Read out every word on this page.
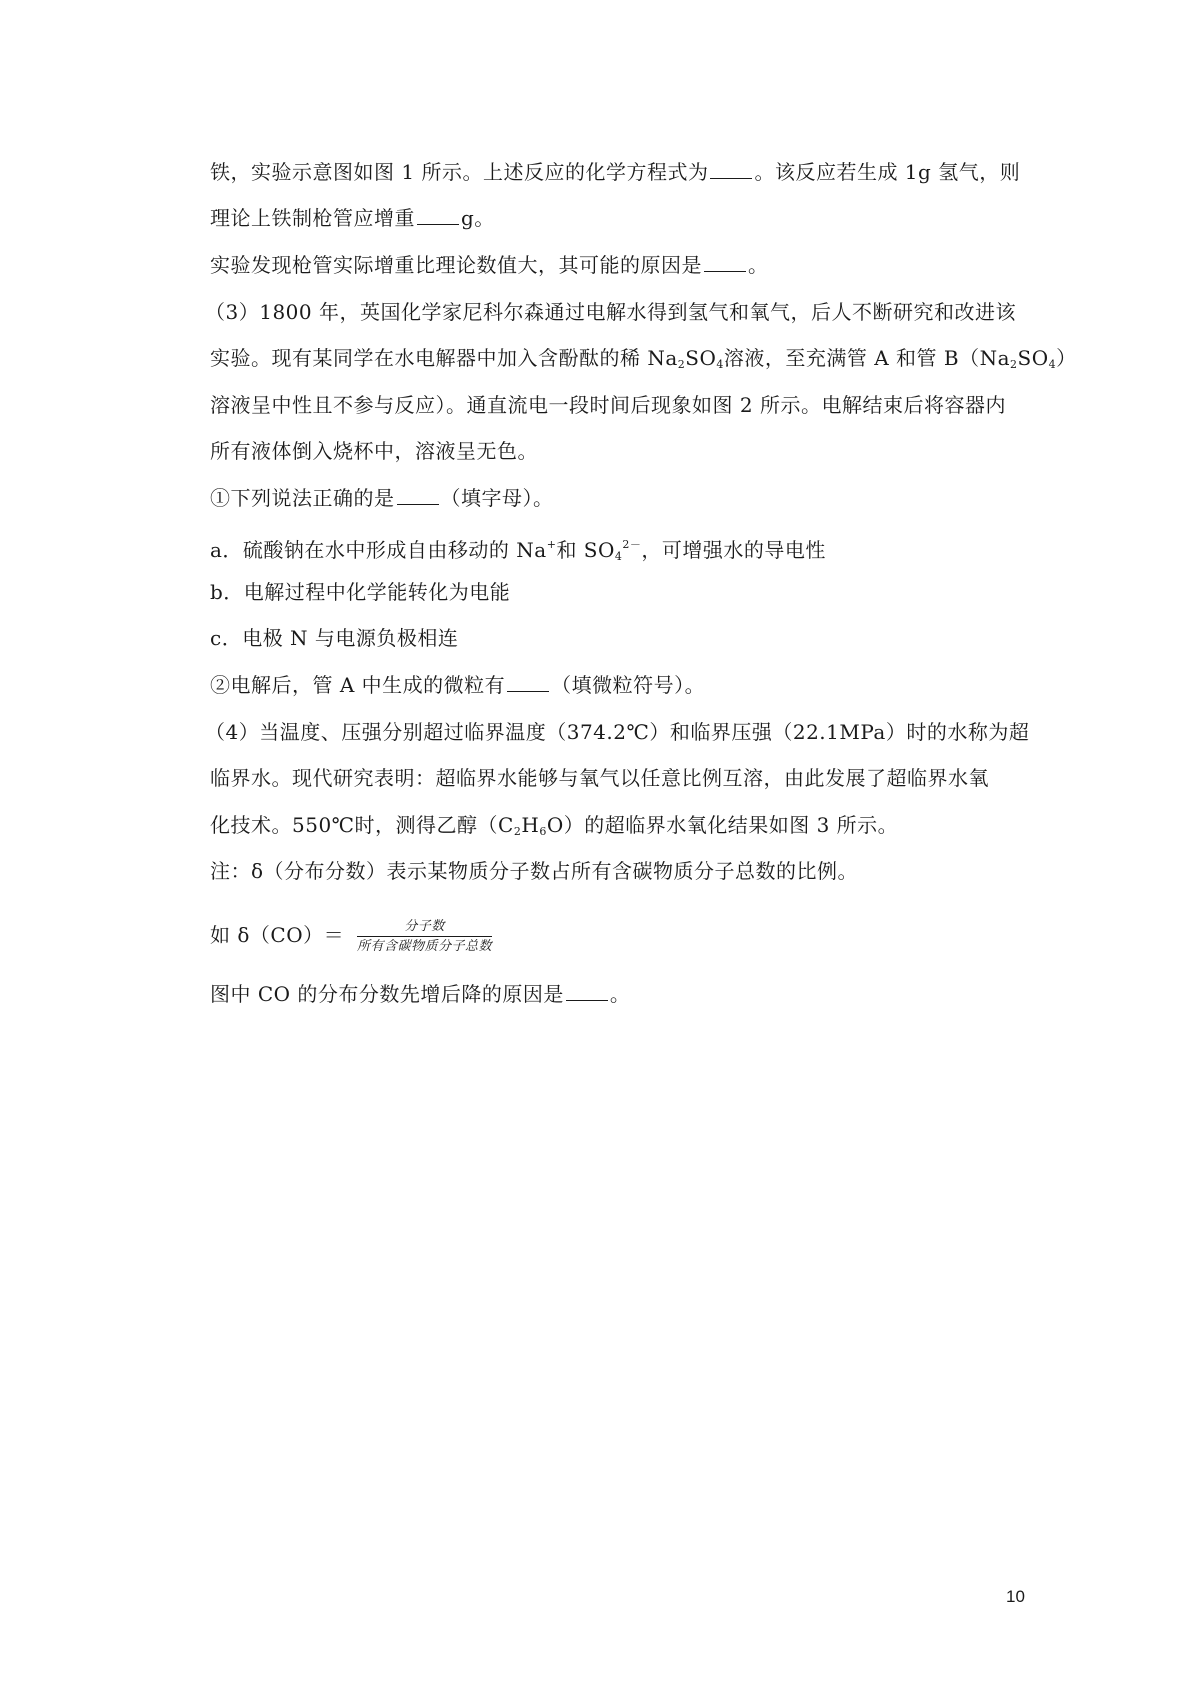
铁，实验示意图如图 1 所示。上述反应的化学方程式为 。该反应若生成 1g 氢气，则
理论上铁制枪管应增重 g。
实验发现枪管实际增重比理论数值大，其可能的原因是 。
（3）1800 年，英国化学家尼科尔森通过电解水得到氢气和氧气，后人不断研究和改进该
实验。现有某同学在水电解器中加入含酚酞的稀 $Na_2SO_4$溶液，至充满管 A 和管 $B(Na_2SO_4)$
溶液呈中性且不参与反应）。通直流电一段时间后现象如图 2 所示。电解结束后将容器内
所有液体倒入烧杯中，溶液呈无色。
①下列说法正确的是 （填字母）。
a．硫酸钠在水中形成自由移动的 Na+和 $SO_4^{2-}$，可增强水的导电性
b．电解过程中化学能转化为电能
c．电极 N 与电源负极相连
②电解后，管 A 中生成的微粒有 （填微粒符号）。
（4）当温度、压强分别超过临界温度（374.2℃）和临界压强（22.1MPa）时的水称为超
临界水。现代研究表明：超临界水能够与氧气以任意比例互溶，由此发展了超临界水氧
化技术。550℃时，测得乙醇$(C_2H_6O)$的超临界水氧化结果如图 3 所示。
注：δ（分布分数）表示某物质分子数占所有含碳物质分子总数的比例。
如 $\delta(CO)= \frac{\text{分子数}}{\text{所有含碳物质分子总数}}$
图中 CO 的分布分数先增后降的原因是 。
10
